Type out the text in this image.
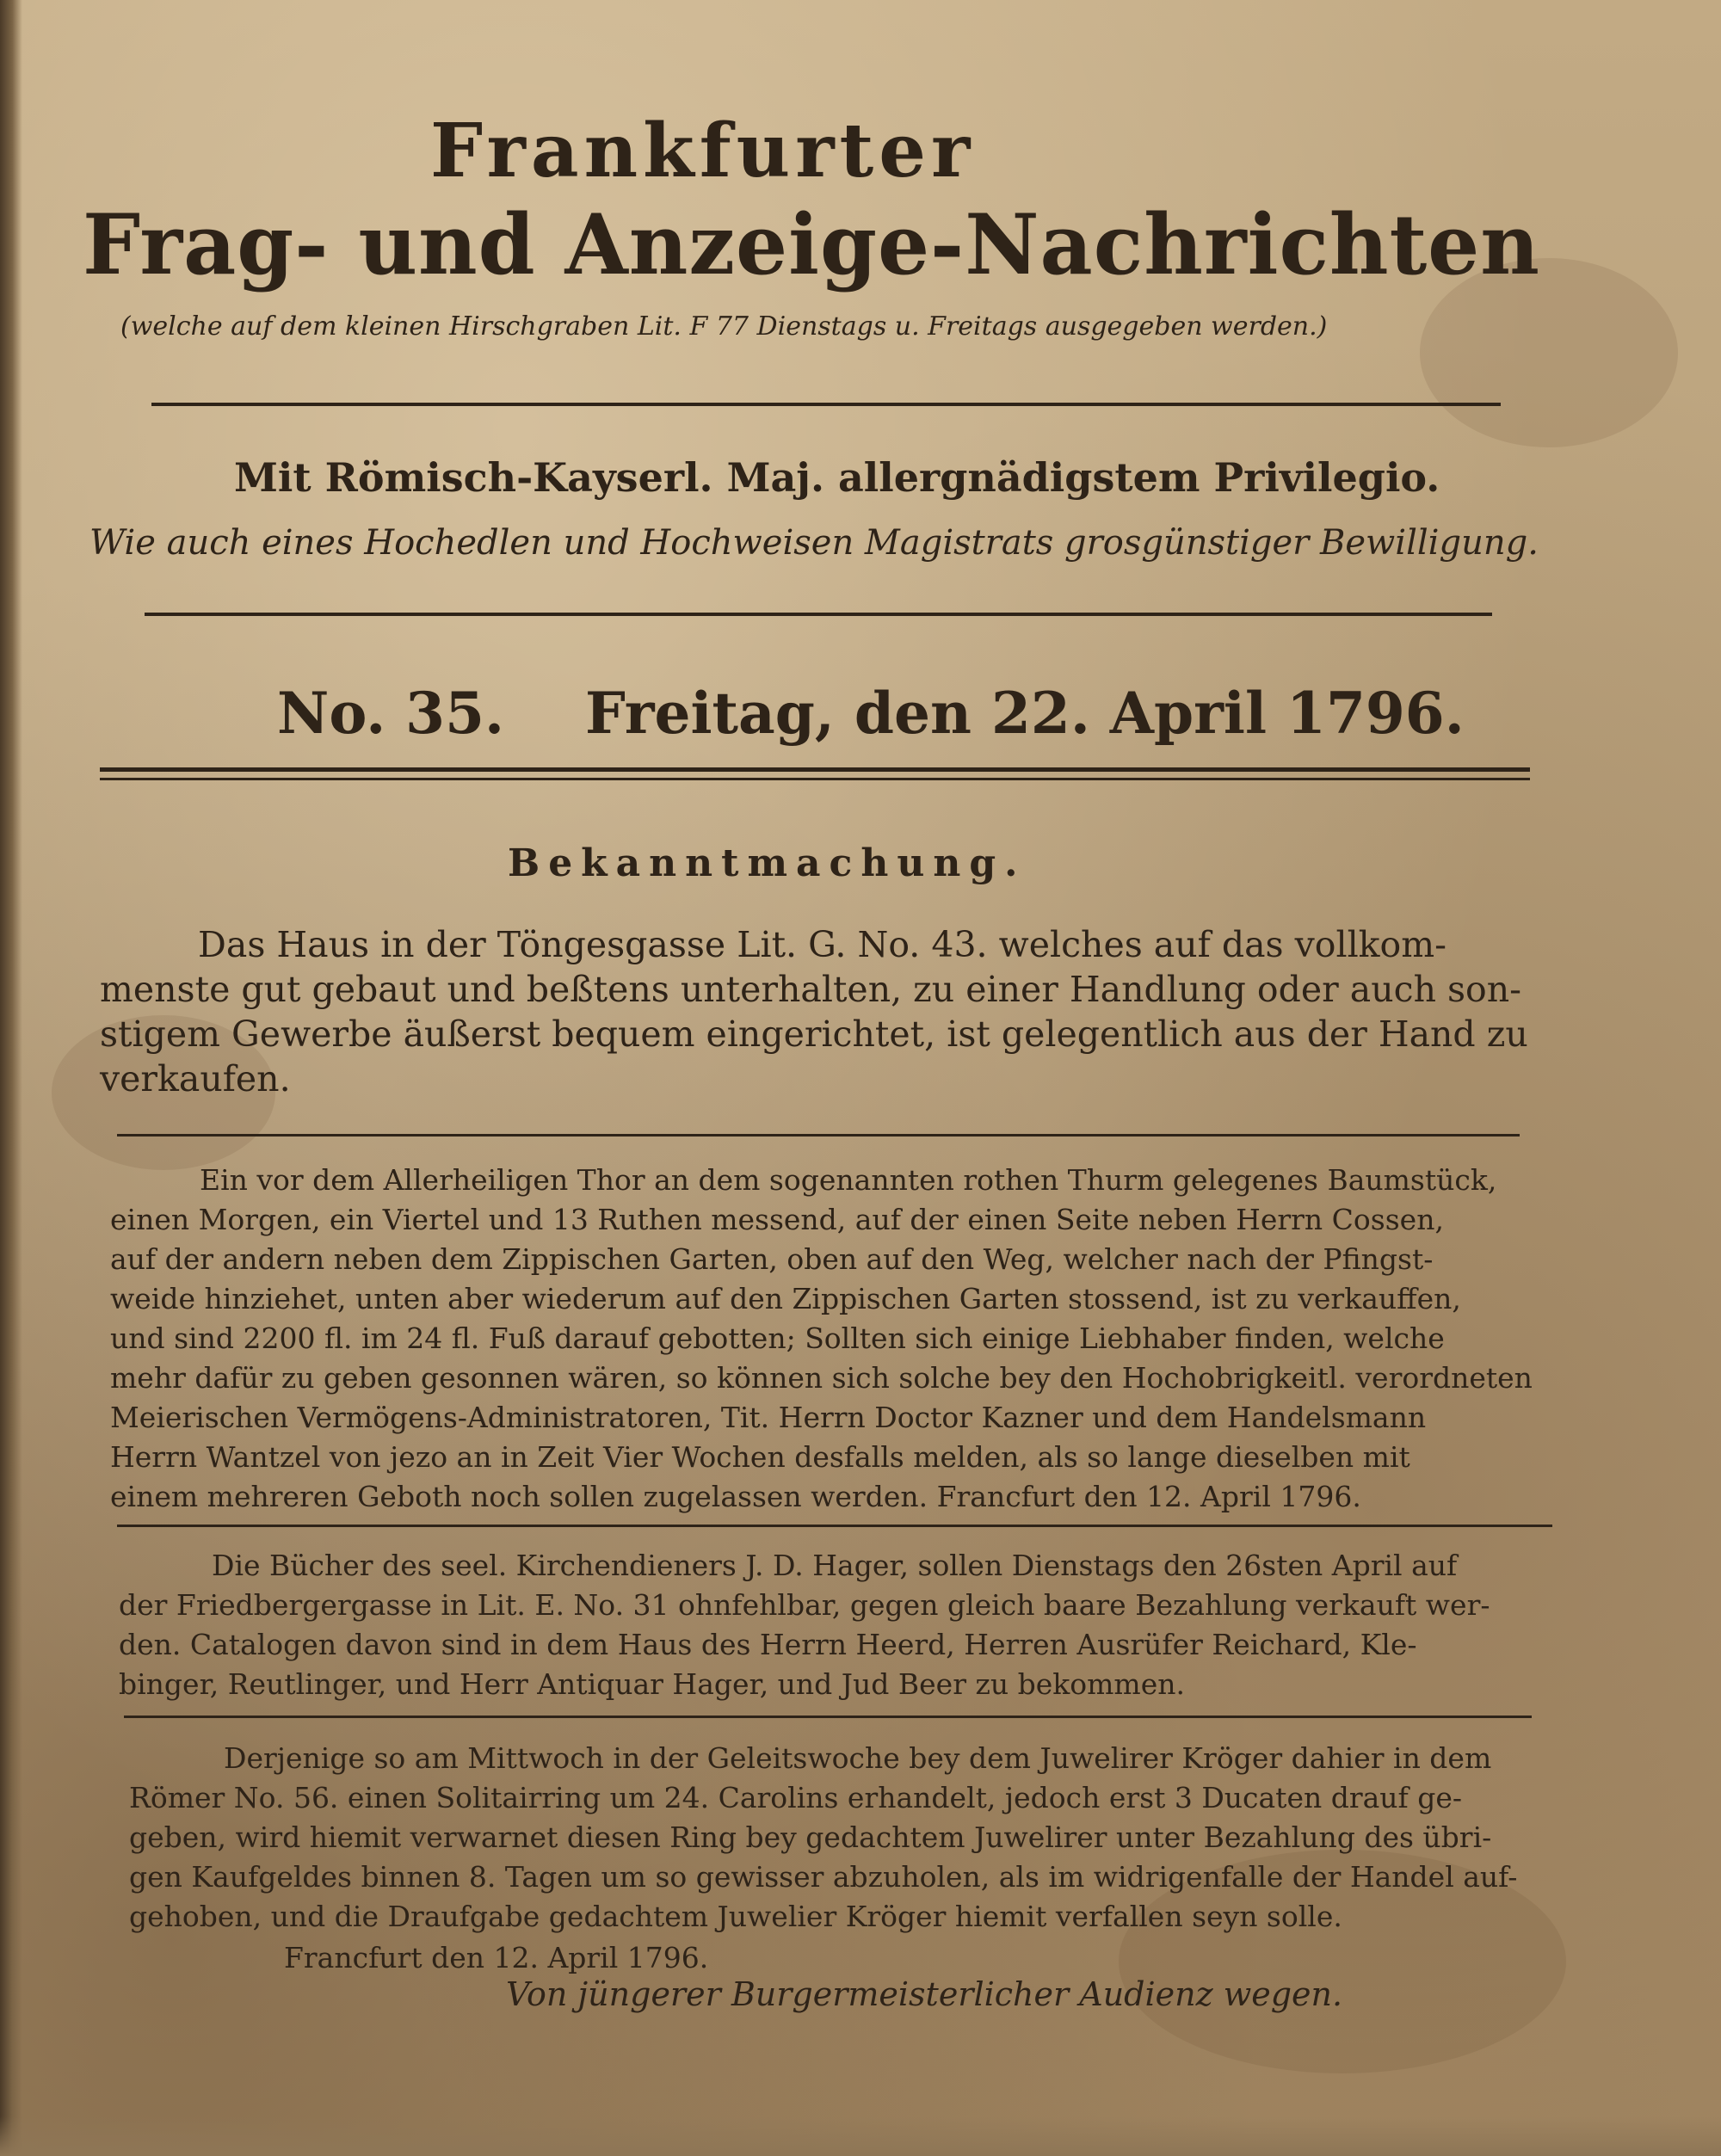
Frankfurter
Frag- und Anzeige-Nachrichten
(welche auf dem kleinen Hirschgraben Lit. F 77 Dienstags u. Freitags ausgegeben werden.)
Mit Römisch-Kayserl. Maj. allergnädigstem Privilegio.
Wie auch eines Hochedlen und Hochweisen Magistrats grosgünstiger Bewilligung.
No. 35. Freitag, den 22. April 1796.
Bekanntmachung.
Das Haus in der Töngesgasse Lit. G. No. 43. welches auf das vollkom-
menste gut gebaut und beßtens unterhalten, zu einer Handlung oder auch son-
stigem Gewerbe äußerst bequem eingerichtet, ist gelegentlich aus der Hand zu
verkaufen.
Ein vor dem Allerheiligen Thor an dem sogenannten rothen Thurm gelegenes Baumstück,
einen Morgen, ein Viertel und 13 Ruthen messend, auf der einen Seite neben Herrn Cossen,
auf der andern neben dem Zippischen Garten, oben auf den Weg, welcher nach der Pfingst-
weide hinziehet, unten aber wiederum auf den Zippischen Garten stossend, ist zu verkauffen,
und sind 2200 fl. im 24 fl. Fuß darauf gebotten; Sollten sich einige Liebhaber finden, welche
mehr dafür zu geben gesonnen wären, so können sich solche bey den Hochobrigkeitl. verordneten
Meierischen Vermögens-Administratoren, Tit. Herrn Doctor Kazner und dem Handelsmann
Herrn Wantzel von jezo an in Zeit Vier Wochen desfalls melden, als so lange dieselben mit
einem mehreren Geboth noch sollen zugelassen werden. Francfurt den 12. April 1796.
Die Bücher des seel. Kirchendieners J. D. Hager, sollen Dienstags den 26sten April auf
der Friedbergergasse in Lit. E. No. 31 ohnfehlbar, gegen gleich baare Bezahlung verkauft wer-
den. Catalogen davon sind in dem Haus des Herrn Heerd, Herren Ausrüfer Reichard, Kle-
binger, Reutlinger, und Herr Antiquar Hager, und Jud Beer zu bekommen.
Derjenige so am Mittwoch in der Geleitswoche bey dem Juwelirer Kröger dahier in dem
Römer No. 56. einen Solitairring um 24. Carolins erhandelt, jedoch erst 3 Ducaten drauf ge-
geben, wird hiemit verwarnet diesen Ring bey gedachtem Juwelirer unter Bezahlung des übri-
gen Kaufgeldes binnen 8. Tagen um so gewisser abzuholen, als im widrigenfalle der Handel auf-
gehoben, und die Draufgabe gedachtem Juwelier Kröger hiemit verfallen seyn solle.
Francfurt den 12. April 1796.
Von jüngerer Burgermeisterlicher Audienz wegen.
